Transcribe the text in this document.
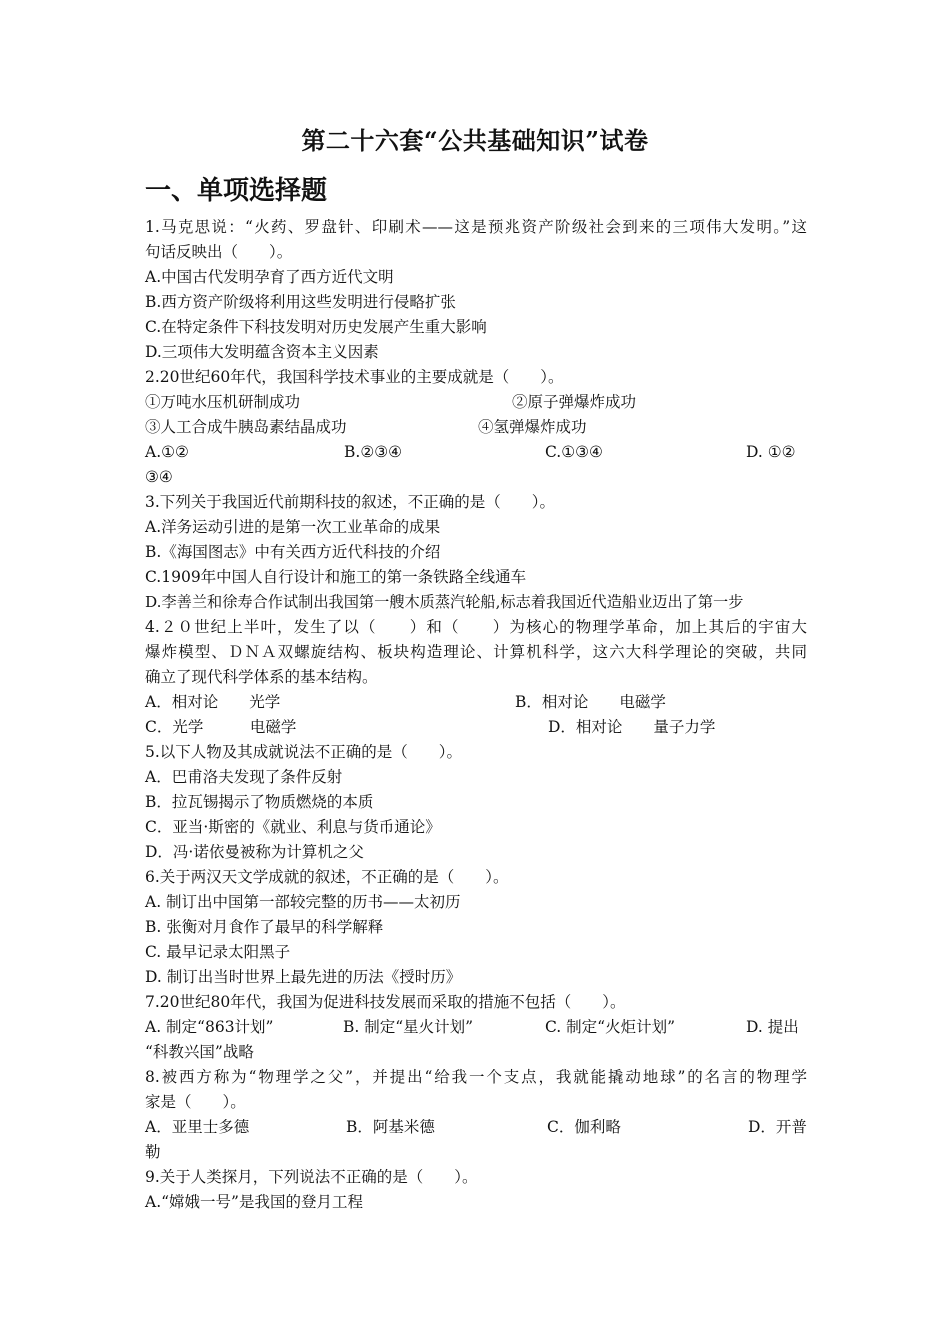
第二十六套“公共基础知识”试卷
一、单项选择题
1.马克思说：“火药、罗盘针、印刷术——这是预兆资产阶级社会到来的三项伟大发明。”这
句话反映出（　　）。
A.中国古代发明孕育了西方近代文明
B.西方资产阶级将利用这些发明进行侵略扩张
C.在特定条件下科技发明对历史发展产生重大影响
D.三项伟大发明蕴含资本主义因素
2.20世纪60年代，我国科学技术事业的主要成就是（　　）。
①万吨水压机研制成功	②原子弹爆炸成功
③人工合成牛胰岛素结晶成功	④氢弹爆炸成功
A.①②	B.②③④	C.①③④	D. ①②
③④
3.下列关于我国近代前期科技的叙述，不正确的是（　　）。
A.洋务运动引进的是第一次工业革命的成果
B.《海国图志》中有关西方近代科技的介绍
C.1909年中国人自行设计和施工的第一条铁路全线通车
D.李善兰和徐寿合作试制出我国第一艘木质蒸汽轮船,标志着我国近代造船业迈出了第一步
4.２０世纪上半叶，发生了以（　　）和（　　）为核心的物理学革命，加上其后的宇宙大
爆炸模型、ＤＮＡ双螺旋结构、板块构造理论、计算机科学，这六大科学理论的突破，共同
确立了现代科学体系的基本结构。
A．相对论　　光学	B．相对论　　电磁学
C．光学　　　电磁学	D．相对论　　量子力学
5.以下人物及其成就说法不正确的是（　　）。
A．巴甫洛夫发现了条件反射
B．拉瓦锡揭示了物质燃烧的本质
C．亚当·斯密的《就业、利息与货币通论》
D．冯·诺依曼被称为计算机之父
6.关于两汉天文学成就的叙述，不正确的是（　　）。
A. 制订出中国第一部较完整的历书——太初历
B. 张衡对月食作了最早的科学解释
C. 最早记录太阳黑子
D. 制订出当时世界上最先进的历法《授时历》
7.20世纪80年代，我国为促进科技发展而采取的措施不包括（　　）。
A. 制定“863计划”	B. 制定“星火计划”	C. 制定“火炬计划”	D. 提出
“科教兴国”战略
8.被西方称为“物理学之父”，并提出“给我一个支点，我就能撬动地球”的名言的物理学
家是（　　）。
A．亚里士多德	B．阿基米德	C．伽利略	D．开普
勒
9.关于人类探月，下列说法不正确的是（　　）。
A.“嫦娥一号”是我国的登月工程
